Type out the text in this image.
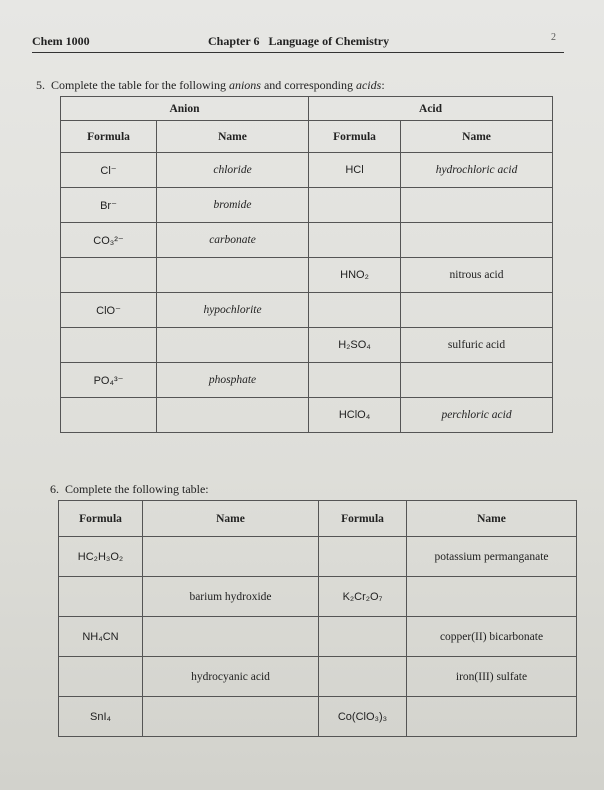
Chem 1000	Chapter 6   Language of Chemistry	2
5. Complete the table for the following anions and corresponding acids:
Anion		Acid	
Formula	Name	Formula	Name
Cl⁻	chloride	HCl	hydrochloric acid
Br⁻	bromide		
CO₃²⁻	carbonate		
		HNO₂	nitrous acid
ClO⁻	hypochlorite		
		H₂SO₄	sulfuric acid
PO₄³⁻	phosphate		
		HClO₄	perchloric acid
6. Complete the following table:
Formula	Name	Formula	Name
HC₂H₃O₂			potassium permanganate
	barium hydroxide	K₂Cr₂O₇	
NH₄CN			copper(II) bicarbonate
	hydrocyanic acid		iron(III) sulfate
SnI₄		Co(ClO₃)₃	
